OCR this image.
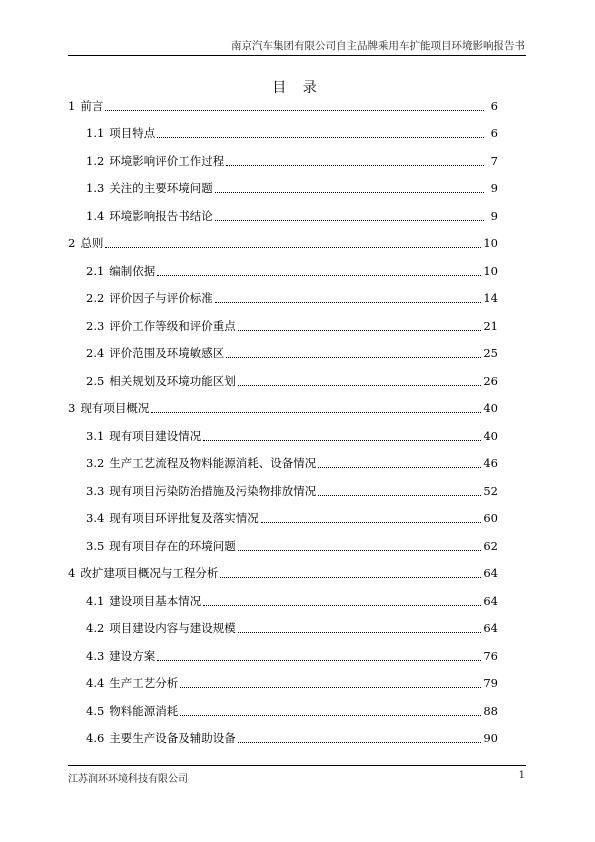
南京汽车集团有限公司自主品牌乘用车扩能项目环境影响报告书
目 录
1 前言	6
1.1 项目特点	6
1.2 环境影响评价工作过程	7
1.3 关注的主要环境问题	9
1.4 环境影响报告书结论	9
2 总则	10
2.1 编制依据	10
2.2 评价因子与评价标准	14
2.3 评价工作等级和评价重点	21
2.4 评价范围及环境敏感区	25
2.5 相关规划及环境功能区划	26
3 现有项目概况	40
3.1 现有项目建设情况	40
3.2 生产工艺流程及物料能源消耗、设备情况	46
3.3 现有项目污染防治措施及污染物排放情况	52
3.4 现有项目环评批复及落实情况	60
3.5 现有项目存在的环境问题	62
4 改扩建项目概况与工程分析	64
4.1 建设项目基本情况	64
4.2 项目建设内容与建设规模	64
4.3 建设方案	76
4.4 生产工艺分析	79
4.5 物料能源消耗	88
4.6 主要生产设备及辅助设备	90
江苏润环环境科技有限公司	1
